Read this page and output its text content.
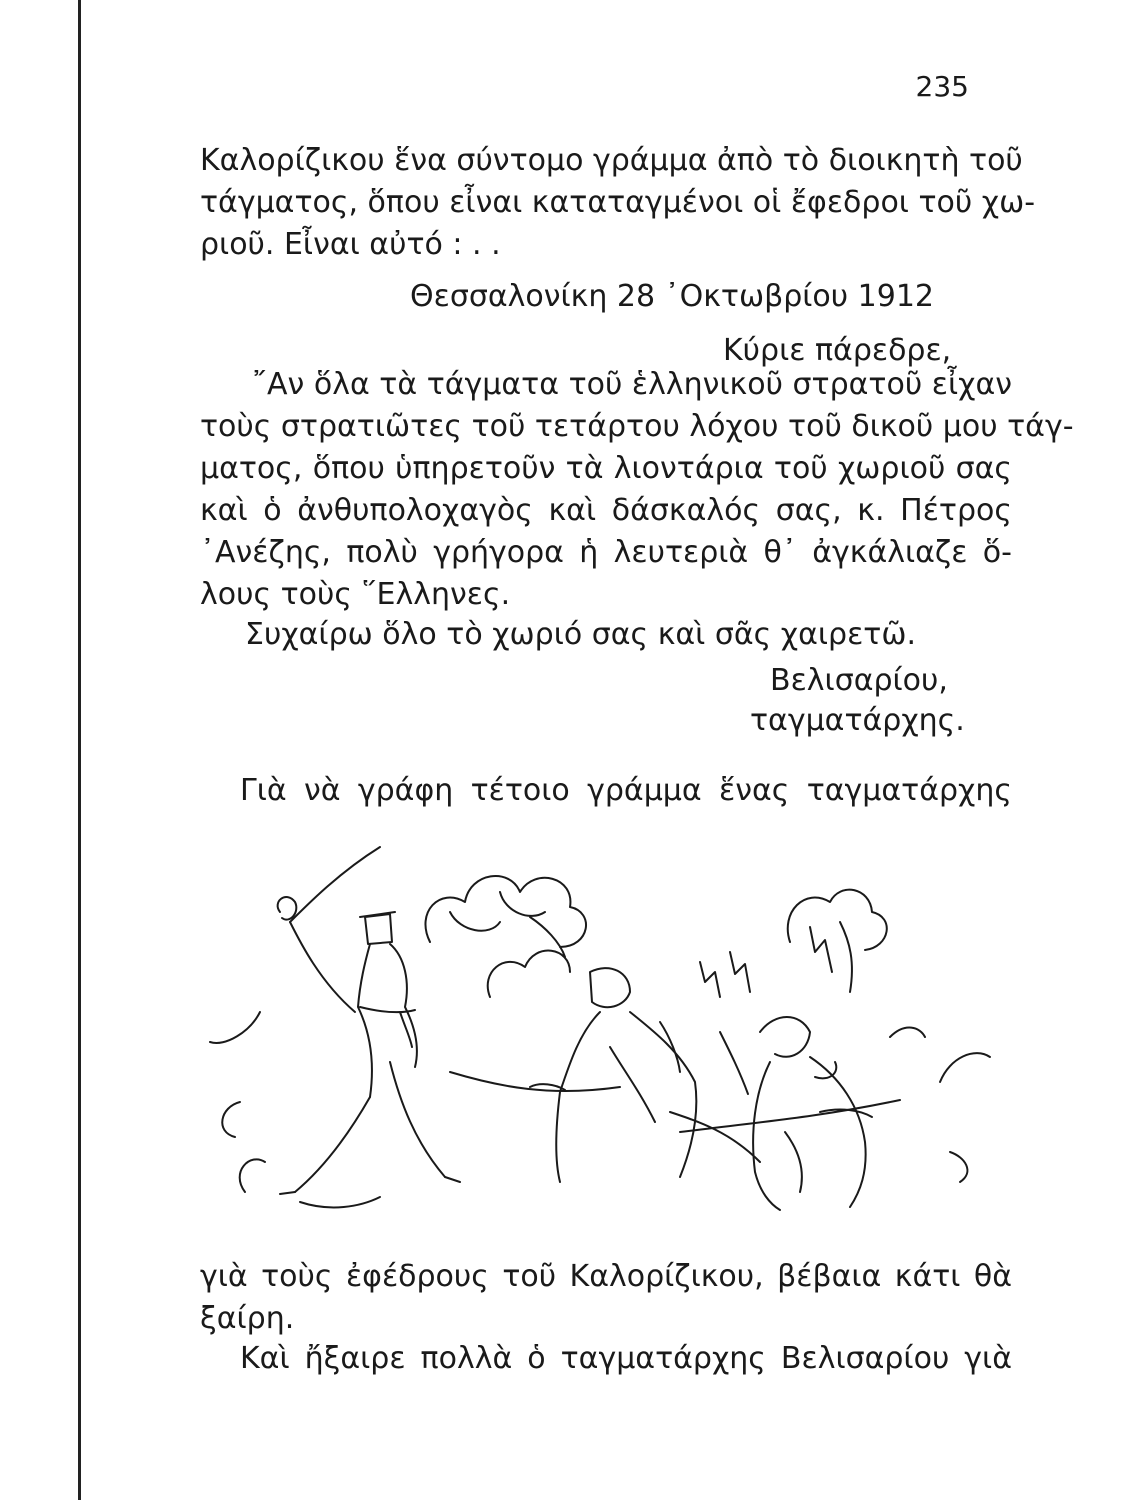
235
Καλορίζικου ἕνα σύντομο γράμμα ἀπὸ τὸ διοικητὴ τοῦ
τάγματος, ὅπου εἶναι καταταγμένοι οἱ ἔφεδροι τοῦ χω-
ριοῦ. Εἶναι αὐτό : . .
Θεσσαλονίκη 28 ᾿Οκτωβρίου 1912
Κύριε πάρεδρε,
῎Αν ὅλα τὰ τάγματα τοῦ ἑλληνικοῦ στρατοῦ εἶχαν
τοὺς στρατιῶτες τοῦ τετάρτου λόχου τοῦ δικοῦ μου τάγ-
ματος, ὅπου ὑπηρετοῦν τὰ λιοντάρια τοῦ χωριοῦ σας
καὶ ὁ ἀνθυπολοχαγὸς καὶ δάσκαλός σας, κ. Πέτρος
᾿Ανέζης, πολὺ γρήγορα ἡ λευτεριὰ θ᾿ ἀγκάλιαζε ὅ-
λους τοὺς ῞Ελληνες.
Συχαίρω ὅλο τὸ χωριό σας καὶ σᾶς χαιρετῶ.
Βελισαρίου,
ταγματάρχης.
Γιὰ νὰ γράφη τέτοιο γράμμα ἕνας ταγματάρχης
γιὰ τοὺς ἐφέδρους τοῦ Καλορίζικου, βέβαια κάτι θὰ
ξαίρη.
Καὶ ἤξαιρε πολλὰ ὁ ταγματάρχης Βελισαρίου γιὰ
